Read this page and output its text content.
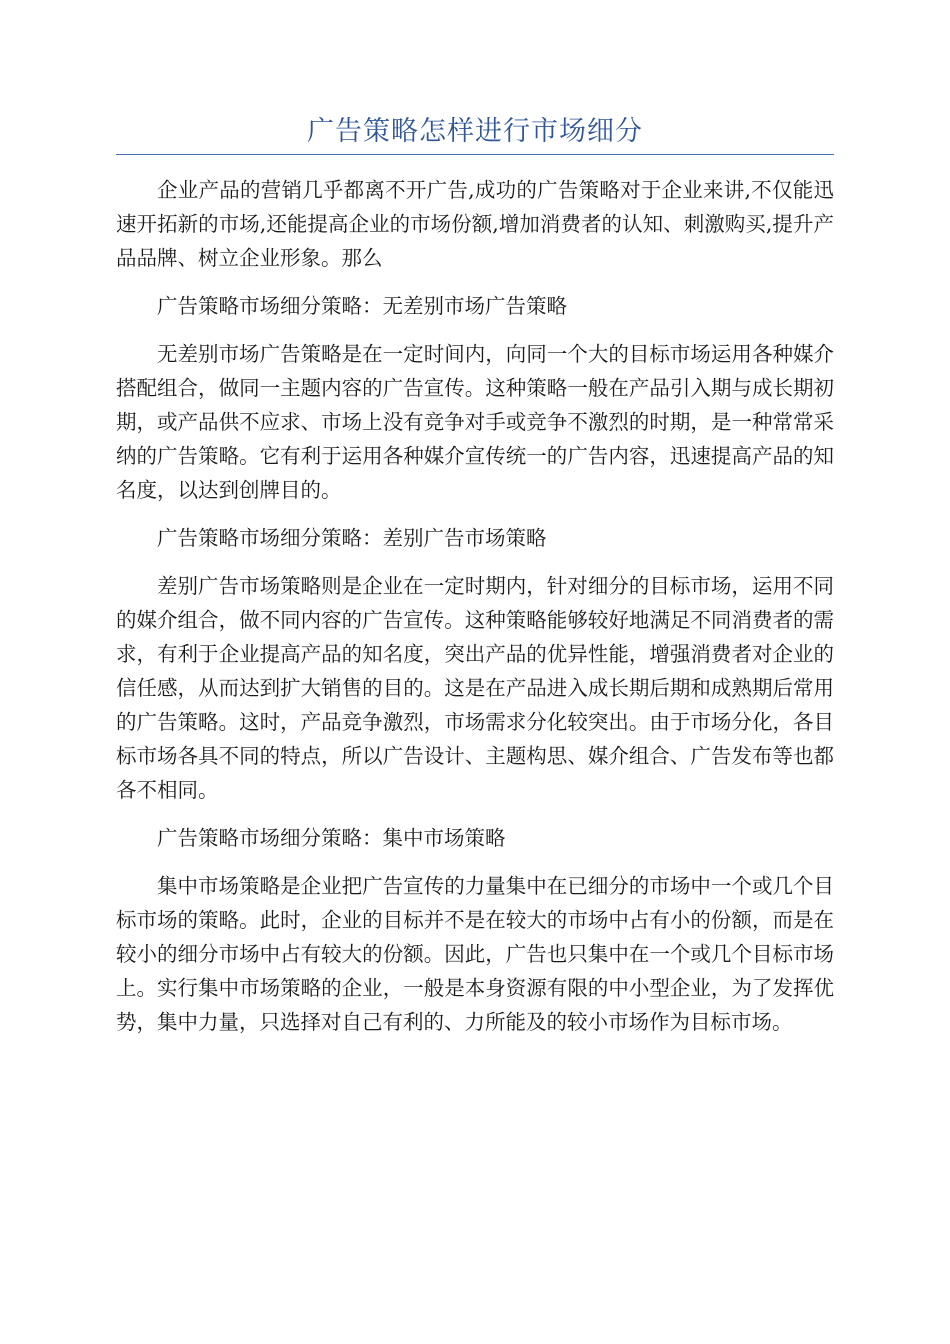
广告策略怎样进行市场细分

企业产品的营销几乎都离不开广告,成功的广告策略对于企业来讲,不仅能迅速开拓新的市场,还能提高企业的市场份额,增加消费者的认知、刺激购买,提升产品品牌、树立企业形象。那么

广告策略市场细分策略：无差别市场广告策略

无差别市场广告策略是在一定时间内，向同一个大的目标市场运用各种媒介搭配组合，做同一主题内容的广告宣传。这种策略一般在产品引入期与成长期初期，或产品供不应求、市场上没有竞争对手或竞争不激烈的时期，是一种常常采纳的广告策略。它有利于运用各种媒介宣传统一的广告内容，迅速提高产品的知名度，以达到创牌目的。

广告策略市场细分策略：差别广告市场策略

差别广告市场策略则是企业在一定时期内，针对细分的目标市场，运用不同的媒介组合，做不同内容的广告宣传。这种策略能够较好地满足不同消费者的需求，有利于企业提高产品的知名度，突出产品的优异性能，增强消费者对企业的信任感，从而达到扩大销售的目的。这是在产品进入成长期后期和成熟期后常用的广告策略。这时，产品竞争激烈，市场需求分化较突出。由于市场分化，各目标市场各具不同的特点，所以广告设计、主题构思、媒介组合、广告发布等也都各不相同。

广告策略市场细分策略：集中市场策略

集中市场策略是企业把广告宣传的力量集中在已细分的市场中一个或几个目标市场的策略。此时，企业的目标并不是在较大的市场中占有小的份额，而是在较小的细分市场中占有较大的份额。因此，广告也只集中在一个或几个目标市场上。实行集中市场策略的企业，一般是本身资源有限的中小型企业，为了发挥优势，集中力量，只选择对自己有利的、力所能及的较小市场作为目标市场。
